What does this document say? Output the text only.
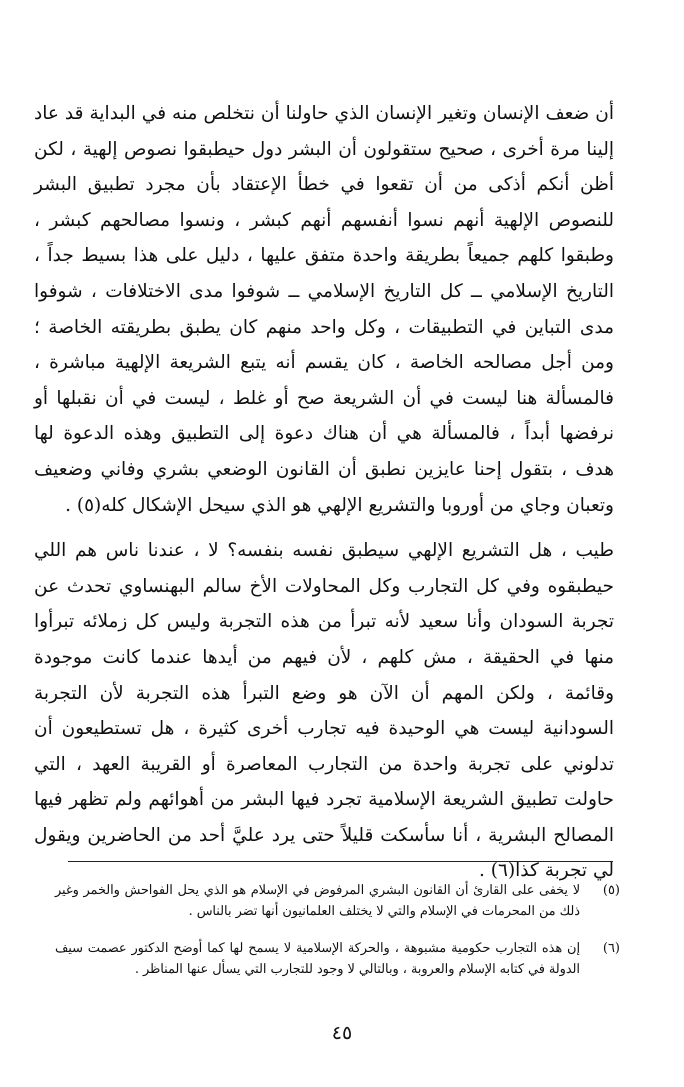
أن ضعف الإنسان وتغير الإنسان الذي حاولنا أن نتخلص منه في البداية قد عاد إلينا مرة أخرى ، صحيح ستقولون أن البشر دول حيطبقوا نصوص إلهية ، لكن أظن أنكم أذكى من أن تقعوا في خطأ الإعتقاد بأن مجرد تطبيق البشر للنصوص الإلهية أنهم نسوا أنفسهم أنهم كبشر ، ونسوا مصالحهم كبشر ، وطبقوا كلهم جميعاً بطريقة واحدة متفق عليها ، دليل على هذا بسيط جداً ، التاريخ الإسلامي ــ كل التاريخ الإسلامي ــ شوفوا مدى الاختلافات ، شوفوا مدى التباين في التطبيقات ، وكل واحد منهم كان يطبق بطريقته الخاصة ؛ ومن أجل مصالحه الخاصة ، كان يقسم أنه يتبع الشريعة الإلهية مباشرة ، فالمسألة هنا ليست في أن الشريعة صح أو غلط ، ليست في أن نقبلها أو نرفضها أبداً ، فالمسألة هي أن هناك دعوة إلى التطبيق وهذه الدعوة لها هدف ، بتقول إحنا عايزين نطبق أن القانون الوضعي بشري وفاني وضعيف وتعبان وجاي من أوروبا والتشريع الإلهي هو الذي سيحل الإشكال كله(٥) .

طيب ، هل التشريع الإلهي سيطبق نفسه بنفسه؟ لا ، عندنا ناس هم اللي حيطبقوه وفي كل التجارب وكل المحاولات الأخ سالم البهنساوي تحدث عن تجربة السودان وأنا سعيد لأنه تبرأ من هذه التجربة وليس كل زملائه تبرأوا منها في الحقيقة ، مش كلهم ، لأن فيهم من أيدها عندما كانت موجودة وقائمة ، ولكن المهم أن الآن هو وضع التبرأ هذه التجربة لأن التجربة السودانية ليست هي الوحيدة فيه تجارب أخرى كثيرة ، هل تستطيعون أن تدلوني على تجربة واحدة من التجارب المعاصرة أو القريبة العهد ، التي حاولت تطبيق الشريعة الإسلامية تجرد فيها البشر من أهوائهم ولم تظهر فيها المصالح البشرية ، أنا سأسكت قليلاً حتى يرد عليَّ أحد من الحاضرين ويقول لي تجربة كذا(٦) .

(٥)
لا يخفى على القارئ أن القانون البشري المرفوض في الإسلام هو الذي يحل الفواحش والخمر وغير ذلك من المحرمات في الإسلام والتي لا يختلف العلمانيون أنها تضر بالناس .
(٦)
إن هذه التجارب حكومية مشبوهة ، والحركة الإسلامية لا يسمح لها كما أوضح الدكتور عصمت سيف الدولة في كتابه الإسلام والعروبة ، وبالتالي لا وجود للتجارب التي يسأل عنها المناظر .
٤٥
